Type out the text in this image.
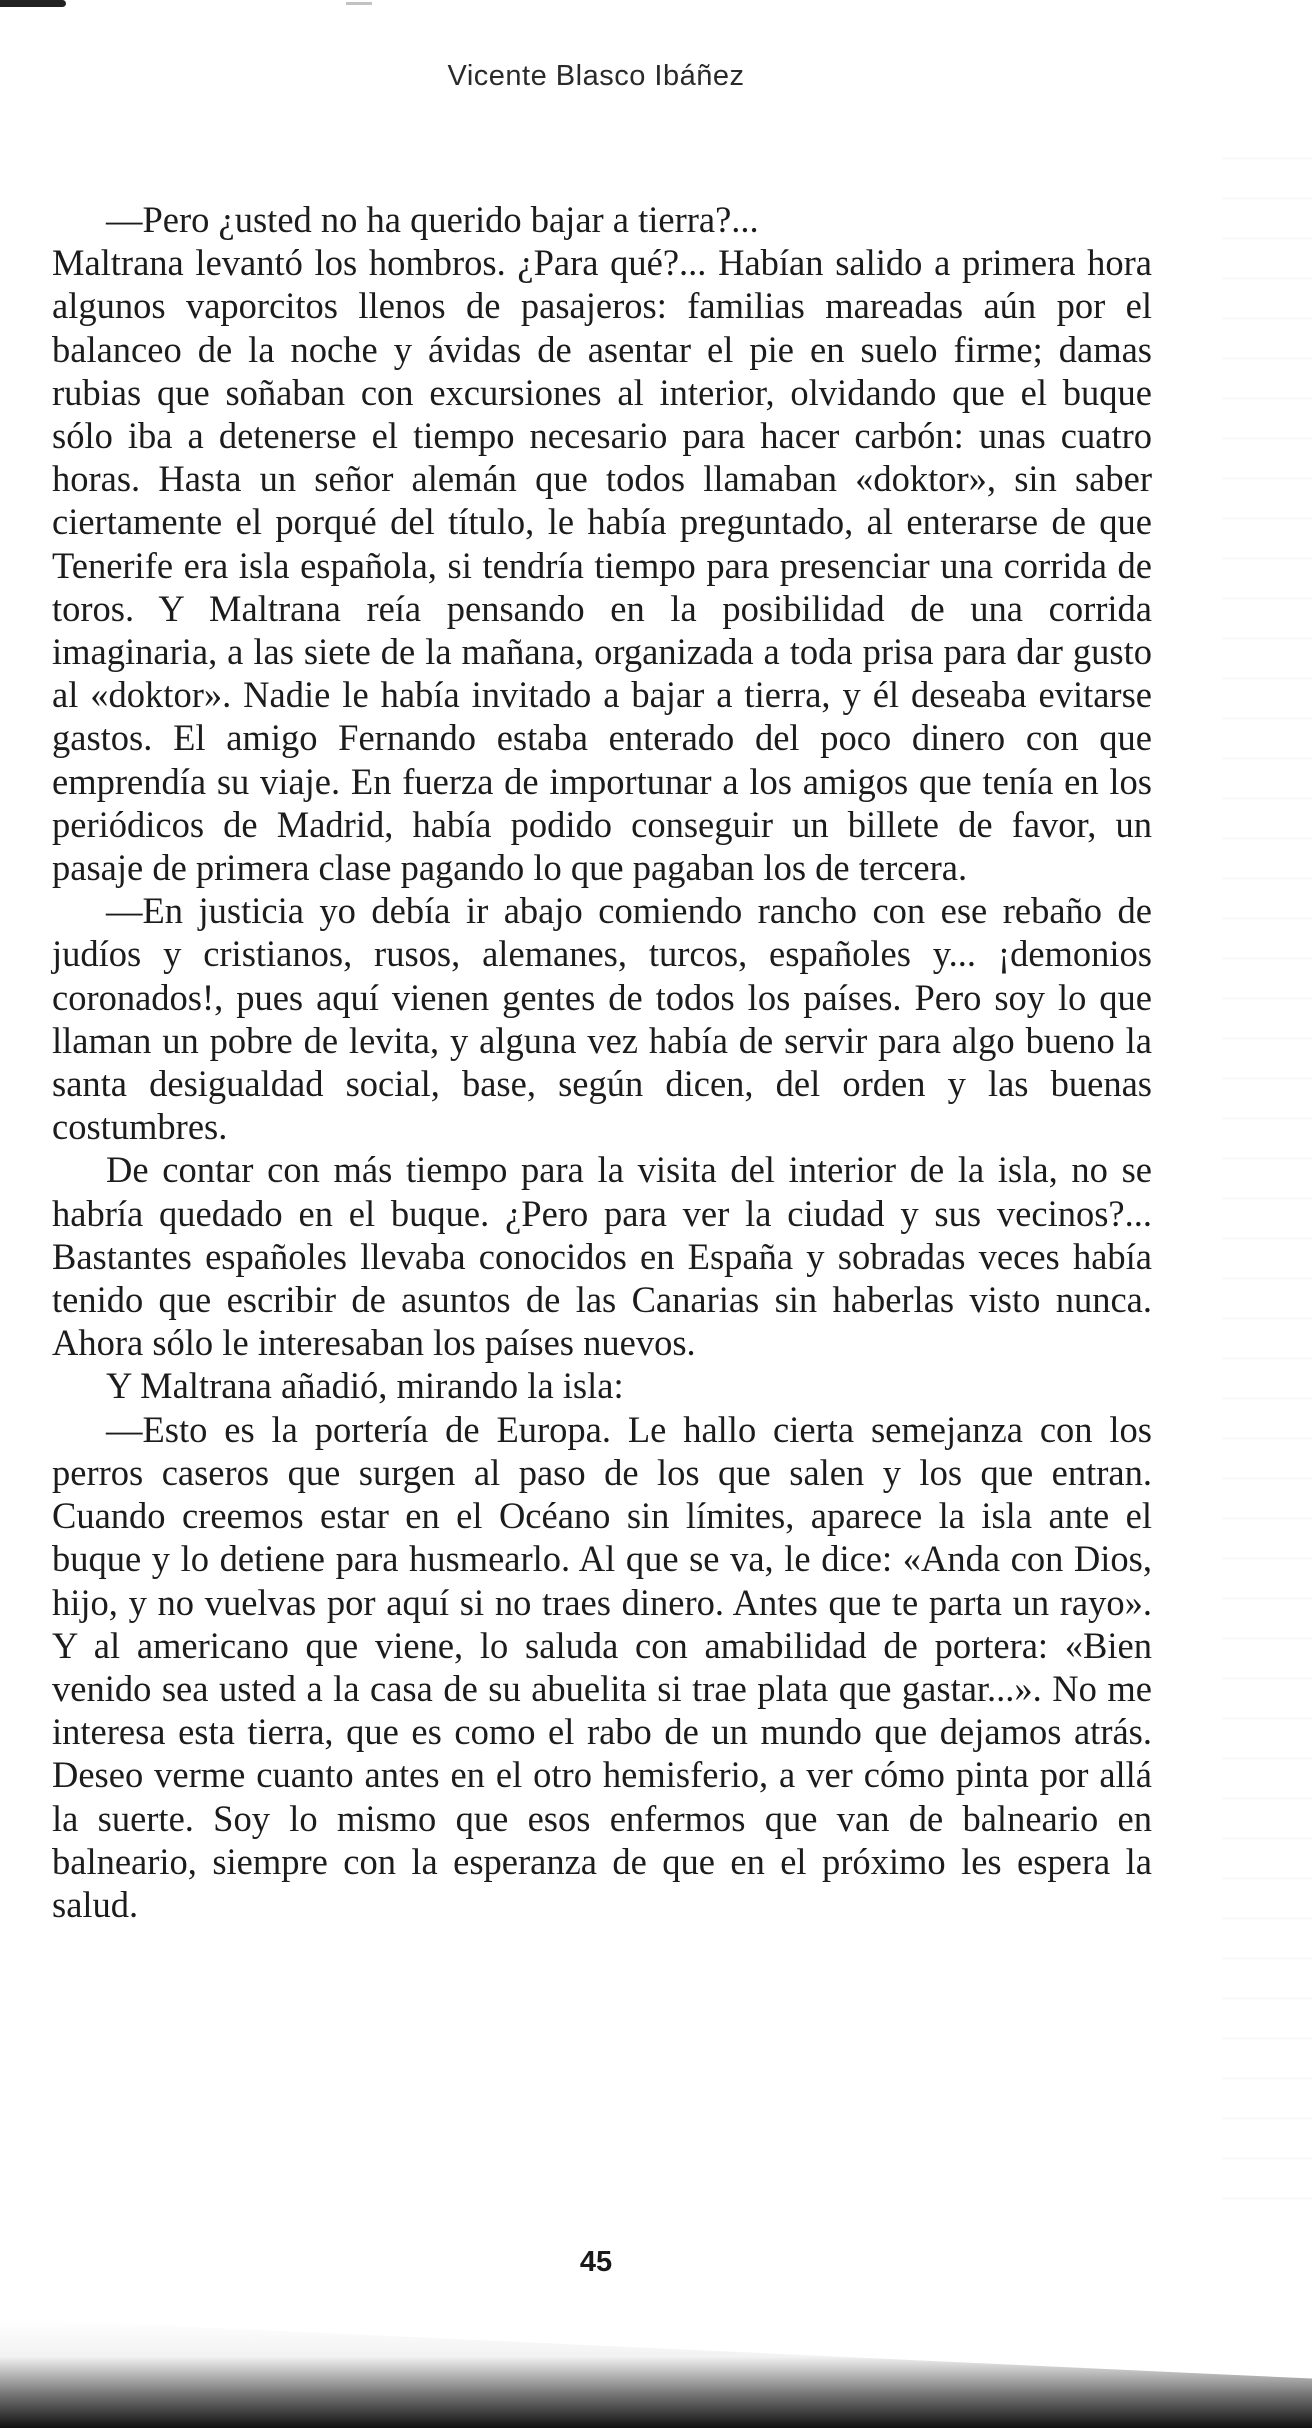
Vicente Blasco Ibáñez

—Pero ¿usted no ha querido bajar a tierra?...

Maltrana levantó los hombros. ¿Para qué?... Habían salido a primera hora algunos vaporcitos llenos de pasajeros: familias mareadas aún por el balanceo de la noche y ávidas de asentar el pie en suelo firme; damas rubias que soñaban con excursiones al interior, olvidando que el buque sólo iba a detenerse el tiempo necesario para hacer carbón: unas cuatro horas. Hasta un señor alemán que todos llamaban «doktor», sin saber ciertamente el porqué del título, le había preguntado, al enterarse de que Tenerife era isla española, si tendría tiempo para presenciar una corrida de toros. Y Maltrana reía pensando en la posibilidad de una corrida imaginaria, a las siete de la mañana, organizada a toda prisa para dar gusto al «doktor». Nadie le había invitado a bajar a tierra, y él deseaba evitarse gastos. El amigo Fernando estaba enterado del poco dinero con que emprendía su viaje. En fuerza de importunar a los amigos que tenía en los periódicos de Madrid, había podido conseguir un billete de favor, un pasaje de primera clase pagando lo que pagaban los de tercera.

—En justicia yo debía ir abajo comiendo rancho con ese rebaño de judíos y cristianos, rusos, alemanes, turcos, españoles y... ¡demonios coronados!, pues aquí vienen gentes de todos los países. Pero soy lo que llaman un pobre de levita, y alguna vez había de servir para algo bueno la santa desigualdad social, base, según dicen, del orden y las buenas costumbres.

De contar con más tiempo para la visita del interior de la isla, no se habría quedado en el buque. ¿Pero para ver la ciudad y sus vecinos?... Bastantes españoles llevaba conocidos en España y sobradas veces había tenido que escribir de asuntos de las Canarias sin haberlas visto nunca. Ahora sólo le interesaban los países nuevos.

Y Maltrana añadió, mirando la isla:

—Esto es la portería de Europa. Le hallo cierta semejanza con los perros caseros que surgen al paso de los que salen y los que entran. Cuando creemos estar en el Océano sin límites, aparece la isla ante el buque y lo detiene para husmearlo. Al que se va, le dice: «Anda con Dios, hijo, y no vuelvas por aquí si no traes dinero. Antes que te parta un rayo». Y al americano que viene, lo saluda con amabilidad de portera: «Bien venido sea usted a la casa de su abuelita si trae plata que gastar...». No me interesa esta tierra, que es como el rabo de un mundo que dejamos atrás. Deseo verme cuanto antes en el otro hemisferio, a ver cómo pinta por allá la suerte. Soy lo mismo que esos enfermos que van de balneario en balneario, siempre con la esperanza de que en el próximo les espera la salud.

45
